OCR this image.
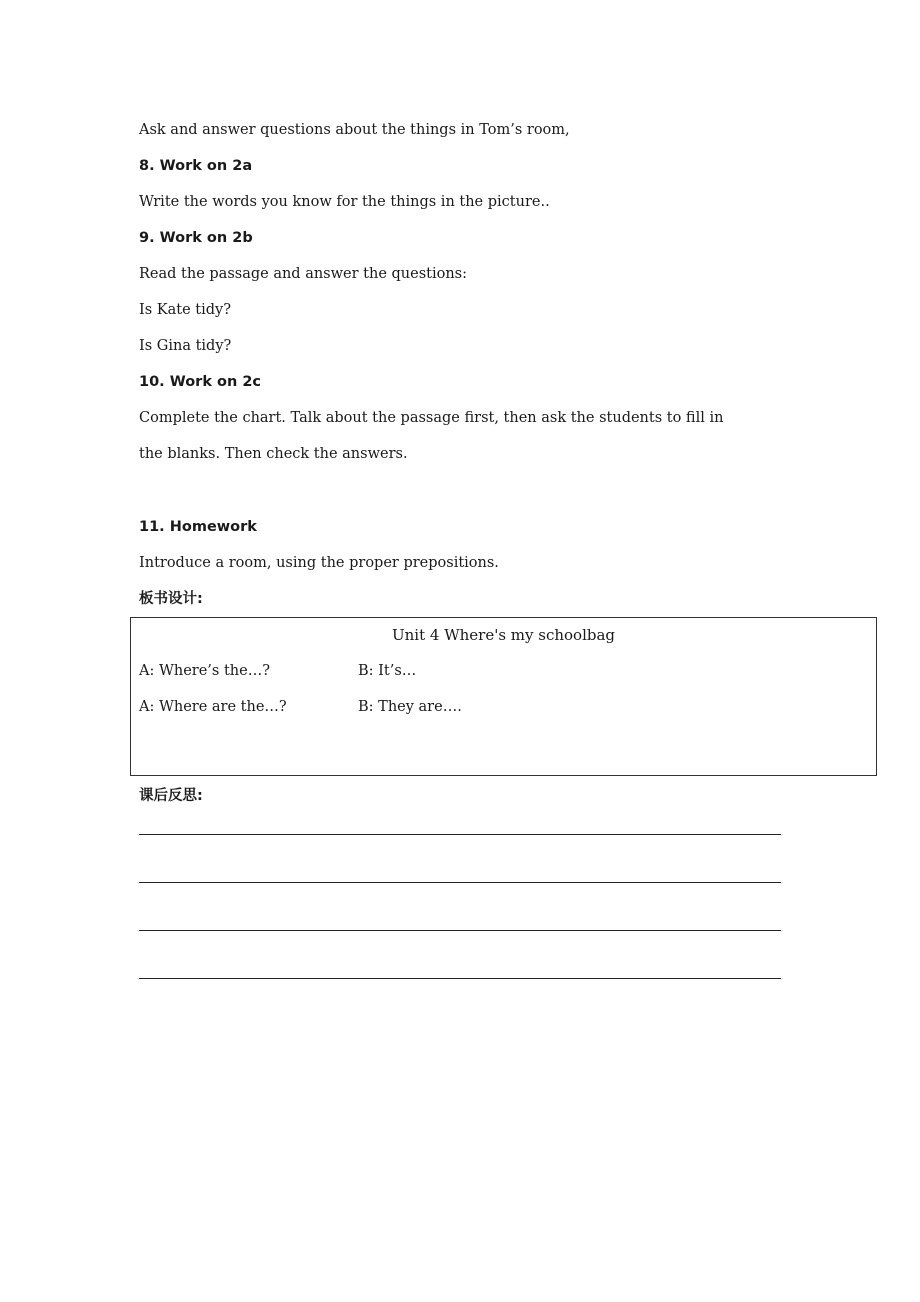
Ask and answer questions about the things in Tom’s room,
8. Work on 2a
Write the words you know for the things in the picture..
9. Work on 2b
Read the passage and answer the questions:
Is Kate tidy?
Is Gina tidy?
10. Work on 2c
Complete the chart. Talk about the passage first, then ask the students to fill in
the blanks. Then check the answers.
11. Homework
Introduce a room, using the proper prepositions.
板书设计:
Unit 4 Where's my schoolbag
A: Where’s the…?	B: It’s…
A: Where are the…?	B: They are….
课后反思:
